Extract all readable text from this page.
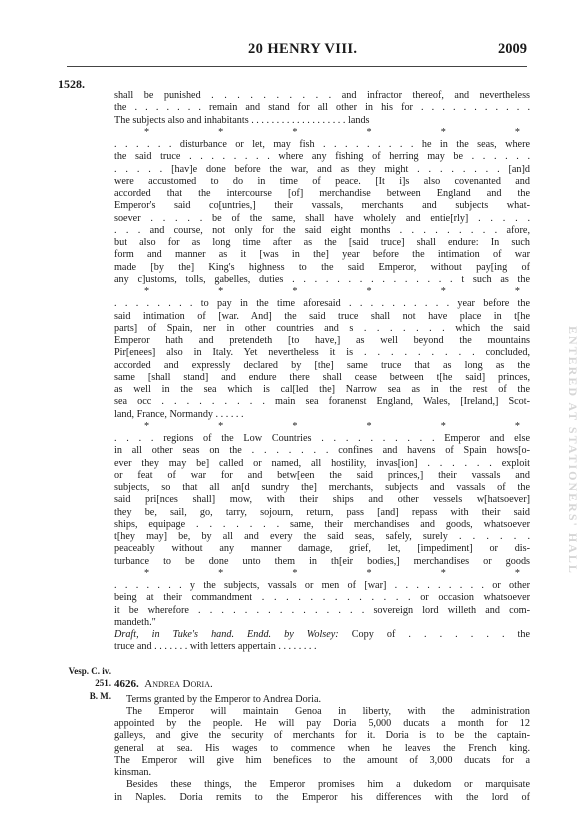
20 HENRY VIII.	2009
1528.
ENTERED AT STATIONERS' HALL
shall be punished . . . . . . . . . . and infractor thereof, and nevertheless
the . . . . . . . remain and stand for all other in his for . . . . . . . . . . .
The subjects also and inhabitants . . . . . . . . . . . . . . . . . . . lands
* * * * * *
. . . . . . disturbance or let, may fish . . . . . . . . . he in the seas, where
the said truce . . . . . . . . where any fishing of herring may be . . . . . .
. . . . . [hav]e done before the war, and as they might . . . . . . . . [an]d
were accustomed to do in time of peace. [It i]s also covenanted and
accorded that the intercourse [of] merchandise between England and the
Emperor's said co[untries,] their vassals, merchants and subjects what-
soever . . . . . be of the same, shall have wholely and entie[rly] . . . . .
. . . and course, not only for the said eight months . . . . . . . . . afore,
but also for as long time after as the [said truce] shall endure: In such
form and manner as it [was in the] year before the intimation of war
made [by the] King's highness to the said Emperor, without pay[ing of
any c]ustoms, tolls, gabelles, duties . . . . . . . . . . . . . . . t such as the
* * * * * *
. . . . . . . . to pay in the time aforesaid . . . . . . . . . . year before the
said intimation of [war. And] the said truce shall not have place in t[he
parts] of Spain, ner in other countries and s . . . . . . . which the said
Emperor hath and pretendeth [to have,] as well beyond the mountains
Pir[enees] also in Italy. Yet nevertheless it is . . . . . . . . . concluded,
accorded and expressly declared by [the] same truce that as long as the
same [shall stand] and endure there shall cease between t[he said] princes,
as well in the sea which is cal[led the] Narrow sea as in the rest of the
sea occ . . . . . . . . . main sea foranenst England, Wales, [Ireland,] Scot-
land, France, Normandy . . . . . .
* * * * * *
. . . . regions of the Low Countries . . . . . . . . . . Emperor and else
in all other seas on the . . . . . . . confines and havens of Spain hows[o-
ever they may be] called or named, all hostility, invas[ion] . . . . . . exploit
or feat of war for and betw[een the said princes,] their vassals and
subjects, so that all an[d sundry the] merchants, subjects and vassals of the
said pri[nces shall] mow, with their ships and other vessels w[hatsoever]
they be, sail, go, tarry, sojourn, return, pass [and] repass with their said
ships, equipage . . . . . . . same, their merchandises and goods, whatsoever
t[hey may] be, by all and every the said seas, safely, surely . . . . . .
peaceably without any manner damage, grief, let, [impediment] or dis-
turbance to be done unto them in th[eir bodies,] merchandises or goods
* * * * * *
. . . . . . . y the subjects, vassals or men of [war] . . . . . . . . . or other
being at their commandment . . . . . . . . . . . . . or occasion whatsoever
it be wherefore . . . . . . . . . . . . . . . sovereign lord willeth and com-
mandeth."
Draft, in Tuke's hand. Endd. by Wolsey: Copy of . . . . . . . the
truce and . . . . . . . with letters appertain . . . . . . . .
4626. Andrea Doria.
Terms granted by the Emperor to Andrea Doria.
The Emperor will maintain Genoa in liberty, with the administration
appointed by the people. He will pay Doria 5,000 ducats a month for 12
galleys, and give the security of merchants for it. Doria is to be the captain-
general at sea. His wages to commence when he leaves the French king.
The Emperor will give him benefices to the amount of 3,000 ducats for a
kinsman.
Besides these things, the Emperor promises him a dukedom or marquisate
in Naples. Doria remits to the Emperor his differences with the lord of
Vesp. C. iv.
251.
B. M.
